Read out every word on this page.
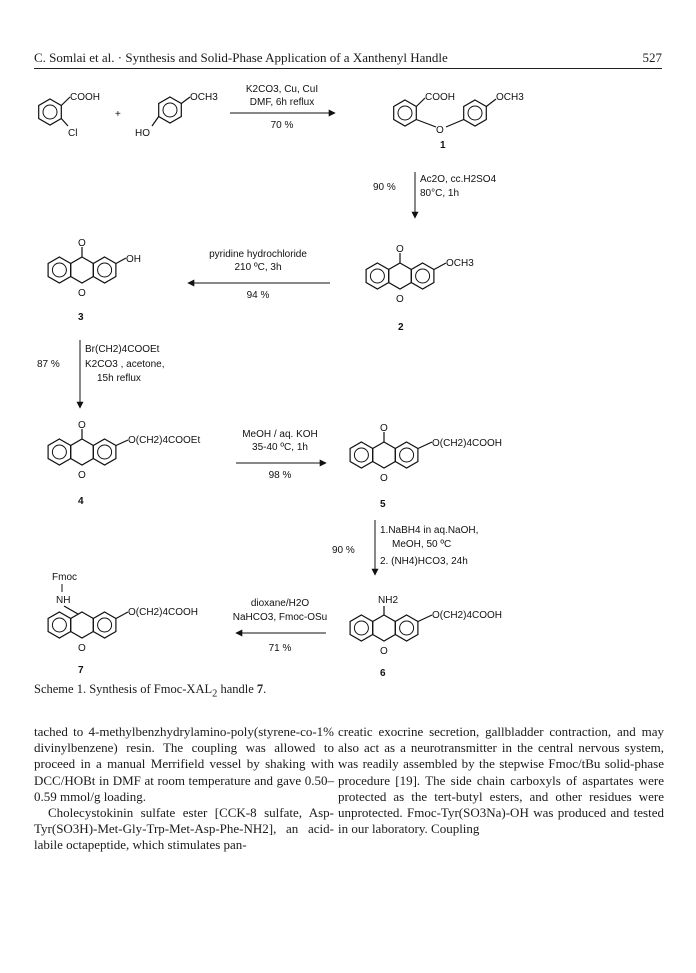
C. Somlai et al. · Synthesis and Solid-Phase Application of a Xanthenyl Handle	527
COOH
Cl
+
OCH3
HO
K2CO3, Cu, CuI
DMF, 6h reflux
70 %
COOH
O
OCH3
1
Ac2O, cc.H2SO4
80°C, 1h
90 %
O
O
OH
3
pyridine hydrochloride
210 ºC, 3h
94 %
O
O
OCH3
2
Br(CH2)4COOEt
K2CO3 , acetone,
15h reflux
87 %
O
O
O(CH2)4COOEt
4
MeOH / aq. KOH
35-40 ºC, 1h
98 %
O
O
O(CH2)4COOH
5
1.NaBH4 in aq.NaOH,
MeOH, 50 ºC
2. (NH4)HCO3, 24h
90 %
Fmoc
NH
O
O(CH2)4COOH
7
dioxane/H2O
NaHCO3, Fmoc-OSu
71 %
NH2
O
O(CH2)4COOH
6
Scheme 1. Synthesis of Fmoc-$XAL_2$ handle 7.

tached to 4-methylbenzhydrylamino-poly(styrene-co-1% divinylbenzene) resin. The coupling was allowed to proceed in a manual Merrifield vessel by shaking with DCC/HOBt in DMF at room temperature and gave 0.50–0.59 mmol/g loading.

Cholecystokinin sulfate ester [CCK-8 sulfate, Asp-Tyr(SO3H)-Met-Gly-Trp-Met-Asp-Phe-NH2], an acid-labile octapeptide, which stimulates pan-

creatic exocrine secretion, gallbladder contraction, and may also act as a neurotransmitter in the central nervous system, was readily assembled by the stepwise Fmoc/tBu solid-phase procedure [19]. The side chain carboxyls of aspartates were protected as the tert-butyl esters, and other residues were unprotected. Fmoc-Tyr(SO3Na)-OH was produced and tested in our laboratory. Coupling
